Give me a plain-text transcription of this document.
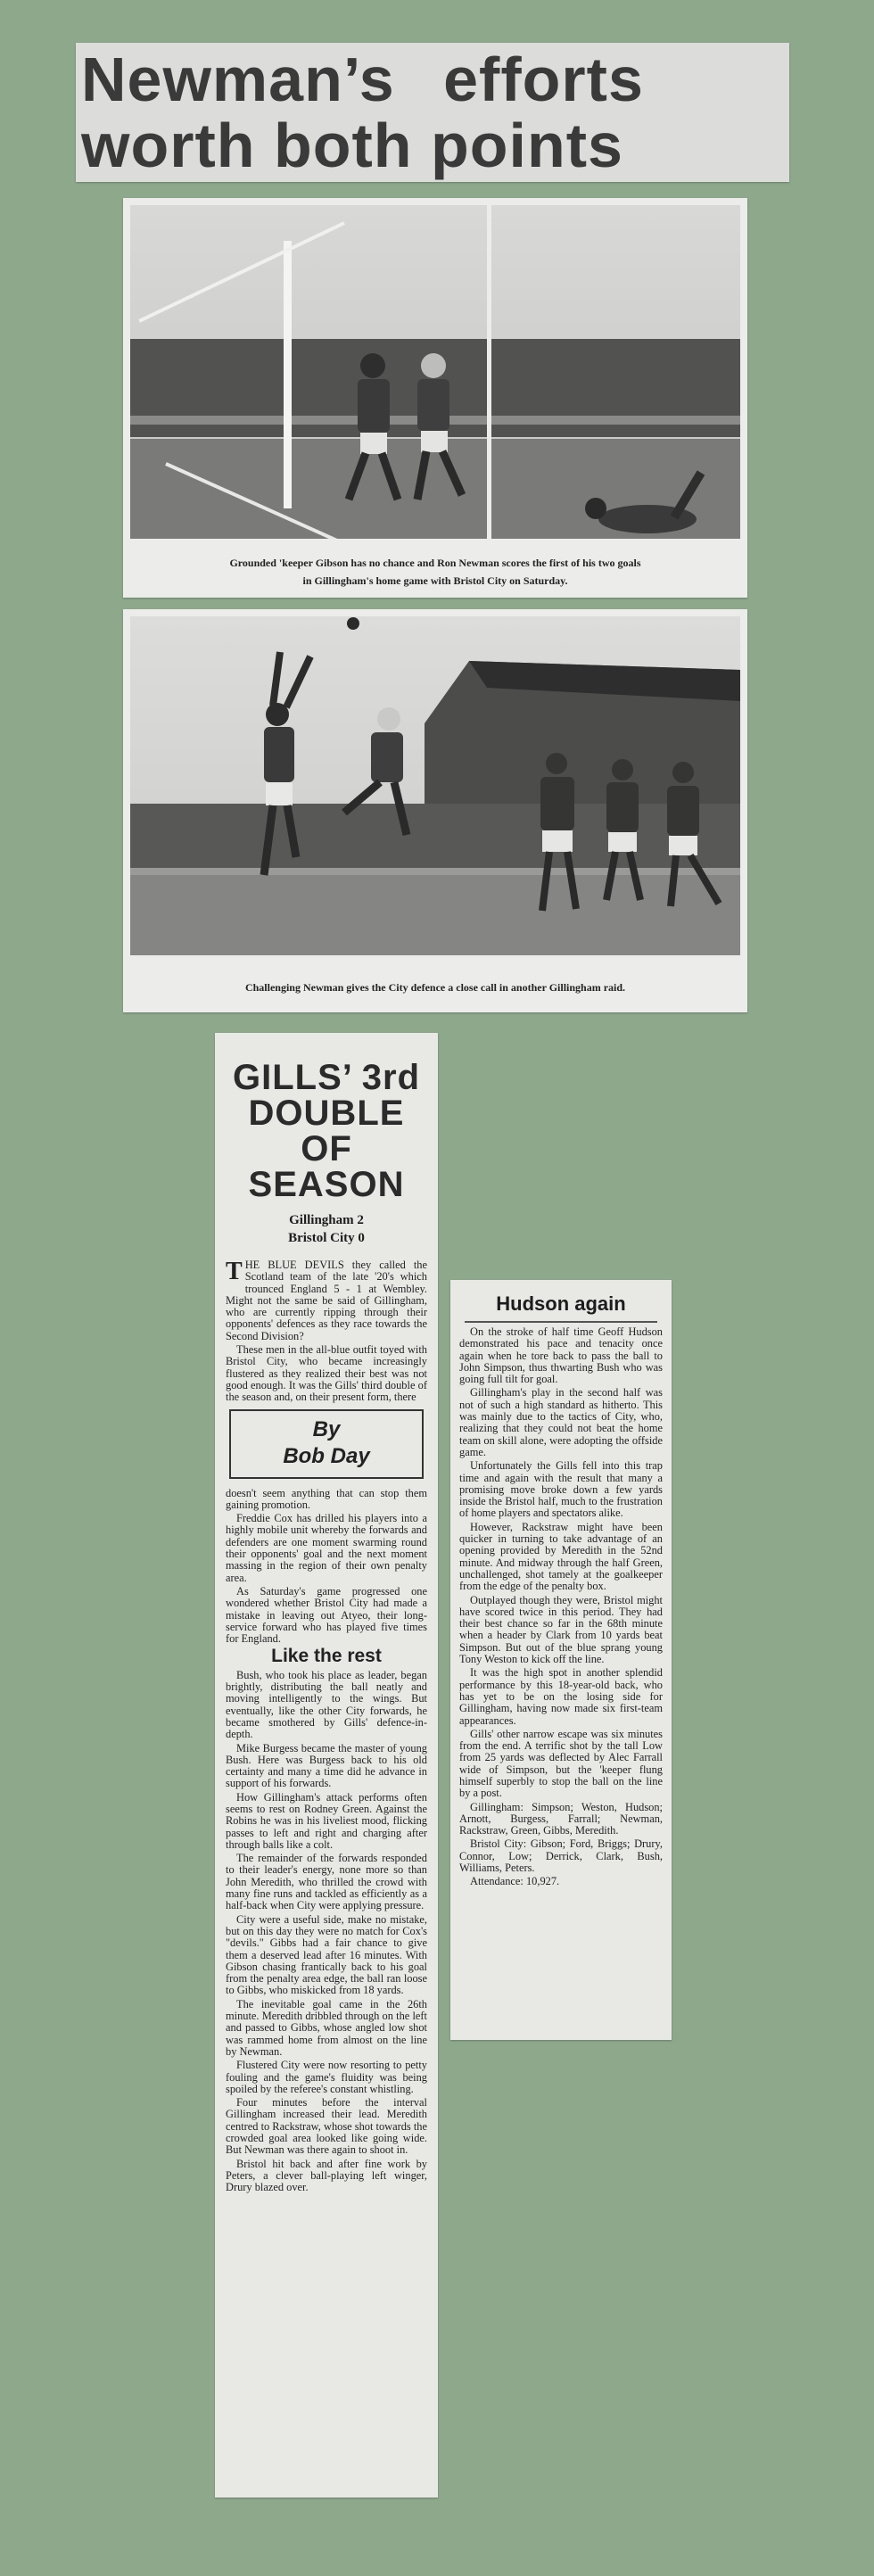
Newman’s efforts
worth both points
Grounded 'keeper Gibson has no chance and Ron Newman scores the first of his two goals
in Gillingham's home game with Bristol City on Saturday.
Challenging Newman gives the City defence a close call in another Gillingham raid.
GILLS’ 3rd
DOUBLE OF
SEASON
Gillingham 2
Bristol City 0

THE BLUE DEVILS they called the Scotland team of the late '20's which trounced England 5 - 1 at Wembley. Might not the same be said of Gillingham, who are currently ripping through their opponents' defences as they race towards the Second Division?

These men in the all-blue outfit toyed with Bristol City, who became increasingly flustered as they realized their best was not good enough. It was the Gills' third double of the season and, on their present form, there

By
Bob Day

doesn't seem anything that can stop them gaining promotion.

Freddie Cox has drilled his players into a highly mobile unit whereby the forwards and defenders are one moment swarming round their opponents' goal and the next moment massing in the region of their own penalty area.

As Saturday's game progressed one wondered whether Bristol City had made a mistake in leaving out Atyeo, their long-service forward who has played five times for England.

Like the rest

Bush, who took his place as leader, began brightly, distributing the ball neatly and moving intelligently to the wings. But eventually, like the other City forwards, he became smothered by Gills' defence-in-depth.

Mike Burgess became the master of young Bush. Here was Burgess back to his old certainty and many a time did he advance in support of his forwards.

How Gillingham's attack performs often seems to rest on Rodney Green. Against the Robins he was in his liveliest mood, flicking passes to left and right and charging after through balls like a colt.

The remainder of the forwards responded to their leader's energy, none more so than John Meredith, who thrilled the crowd with many fine runs and tackled as efficiently as a half-back when City were applying pressure.

City were a useful side, make no mistake, but on this day they were no match for Cox's "devils." Gibbs had a fair chance to give them a deserved lead after 16 minutes. With Gibson chasing frantically back to his goal from the penalty area edge, the ball ran loose to Gibbs, who miskicked from 18 yards.

The inevitable goal came in the 26th minute. Meredith dribbled through on the left and passed to Gibbs, whose angled low shot was rammed home from almost on the line by Newman.

Flustered City were now resorting to petty fouling and the game's fluidity was being spoiled by the referee's constant whistling.

Four minutes before the interval Gillingham increased their lead. Meredith centred to Rackstraw, whose shot towards the crowded goal area looked like going wide. But Newman was there again to shoot in.

Bristol hit back and after fine work by Peters, a clever ball-playing left winger, Drury blazed over.

Hudson again

On the stroke of half time Geoff Hudson demonstrated his pace and tenacity once again when he tore back to pass the ball to John Simpson, thus thwarting Bush who was going full tilt for goal.

Gillingham's play in the second half was not of such a high standard as hitherto. This was mainly due to the tactics of City, who, realizing that they could not beat the home team on skill alone, were adopting the offside game.

Unfortunately the Gills fell into this trap time and again with the result that many a promising move broke down a few yards inside the Bristol half, much to the frustration of home players and spectators alike.

However, Rackstraw might have been quicker in turning to take advantage of an opening provided by Meredith in the 52nd minute. And midway through the half Green, unchallenged, shot tamely at the goalkeeper from the edge of the penalty box.

Outplayed though they were, Bristol might have scored twice in this period. They had their best chance so far in the 68th minute when a header by Clark from 10 yards beat Simpson. But out of the blue sprang young Tony Weston to kick off the line.

It was the high spot in another splendid performance by this 18-year-old back, who has yet to be on the losing side for Gillingham, having now made six first-team appearances.

Gills' other narrow escape was six minutes from the end. A terrific shot by the tall Low from 25 yards was deflected by Alec Farrall wide of Simpson, but the 'keeper flung himself superbly to stop the ball on the line by a post.

Gillingham: Simpson; Weston, Hudson; Arnott, Burgess, Farrall; Newman, Rackstraw, Green, Gibbs, Meredith.

Bristol City: Gibson; Ford, Briggs; Drury, Connor, Low; Derrick, Clark, Bush, Williams, Peters.

Attendance: 10,927.
